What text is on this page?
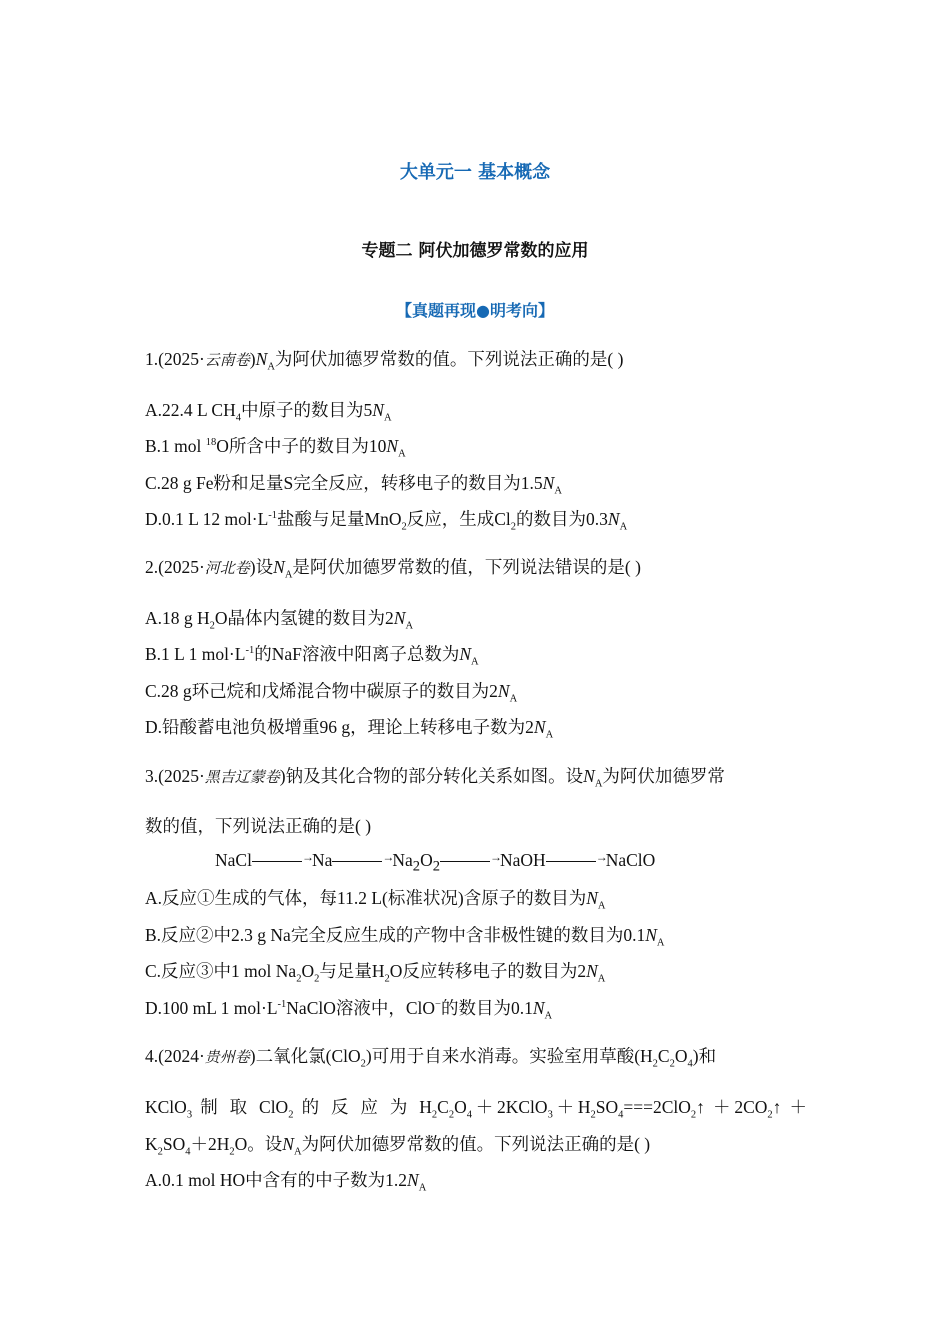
大单元一 基本概念
专题二 阿伏加德罗常数的应用
【真题再现●明考向】
1.(2025·云南卷)$N_A$为阿伏加德罗常数的值。下列说法正确的是( )
A.22.4 L $CH_4$中原子的数目为$5N_A$
B.1 mol $^{18}$O所含中子的数目为$10N_A$
C.28 g Fe粉和足量S完全反应，转移电子的数目为$1.5N_A$
D.0.1 L 12 $mol\cdot L^{-1}$盐酸与足量MnO$_2$反应，生成$Cl_2$的数目为$0.3N_A$
2.(2025·河北卷)设$N_A$是阿伏加德罗常数的值，下列说法错误的是( )
A.18 g $H_2O$晶体内氢键的数目为$2N_A$
B.1 L 1 $mol\cdot L^{-1}$的NaF溶液中阳离子总数为$N_A$
C.28 g环己烷和戊烯混合物中碳原子的数目为$2N_A$
D.铅酸蓄电池负极增重96 g，理论上转移电子数为$2N_A$
3.(2025·黑吉辽蒙卷)钠及其化合物的部分转化关系如图。设$N_A$为阿伏加德罗常
数的值，下列说法正确的是( )
NaCl →	Na →	$Na_2O_2$ →	NaOH →	NaClO
A.反应①生成的气体，每11.2 L(标准状况)含原子的数目为$N_A$
B.反应②中2.3 g Na完全反应生成的产物中含非极性键的数目为$0.1N_A$
C.反应③中1 mol $Na_2O_2$与足量$H_2O$反应转移电子的数目为$2N_A$
D.100 mL 1 $mol\cdot L^{-1}NaClO$溶液中，ClO−的数目为$0.1N_A$
4.(2024·贵州卷)二氧化氯(ClO$_2$)可用于自来水消毒。实验室用草酸$(H_2C_2O_4)$和
KClO$_3$ 制 取 ClO$_2$ 的 反 应 为 $H_2C_2O_4+2KClO_3+H_2SO_4===2ClO_2↑$ $+2CO_2↑$ ＋
$K_2SO_4+2H_2O$。设$N_A$为阿伏加德罗常数的值。下列说法正确的是( )
A.0.1 mol HO中含有的中子数为$1.2N_A$
